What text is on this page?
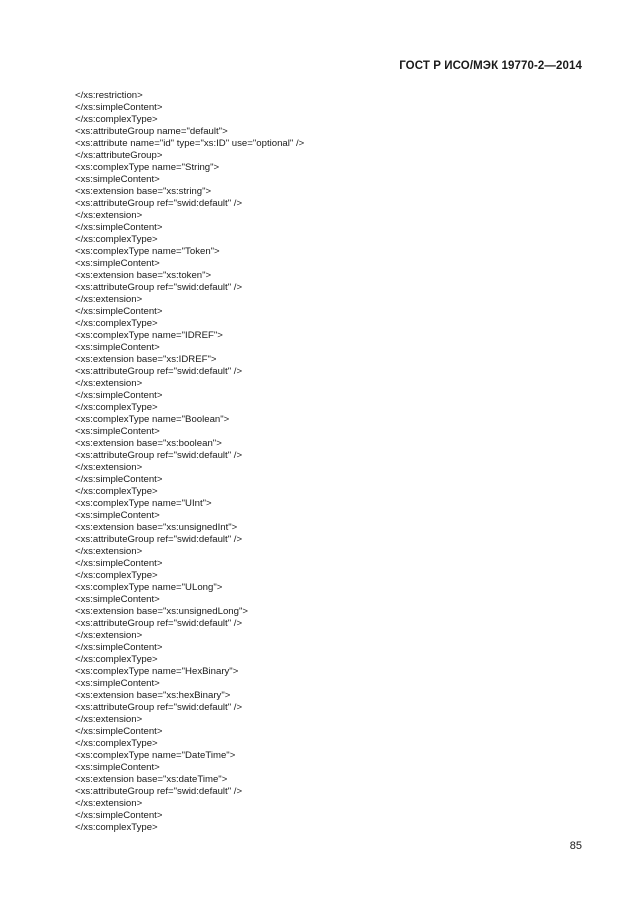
ГОСТ Р ИСО/МЭК 19770-2—2014
</xs:restriction>
</xs:simpleContent>
</xs:complexType>
<xs:attributeGroup name="default">
<xs:attribute name="id" type="xs:ID" use="optional" />
</xs:attributeGroup>
<xs:complexType name="String">
<xs:simpleContent>
<xs:extension base="xs:string">
<xs:attributeGroup ref="swid:default" />
</xs:extension>
</xs:simpleContent>
</xs:complexType>
<xs:complexType name="Token">
<xs:simpleContent>
<xs:extension base="xs:token">
<xs:attributeGroup ref="swid:default" />
</xs:extension>
</xs:simpleContent>
</xs:complexType>
<xs:complexType name="IDREF">
<xs:simpleContent>
<xs:extension base="xs:IDREF">
<xs:attributeGroup ref="swid:default" />
</xs:extension>
</xs:simpleContent>
</xs:complexType>
<xs:complexType name="Boolean">
<xs:simpleContent>
<xs:extension base="xs:boolean">
<xs:attributeGroup ref="swid:default" />
</xs:extension>
</xs:simpleContent>
</xs:complexType>
<xs:complexType name="UInt">
<xs:simpleContent>
<xs:extension base="xs:unsignedInt">
<xs:attributeGroup ref="swid:default" />
</xs:extension>
</xs:simpleContent>
</xs:complexType>
<xs:complexType name="ULong">
<xs:simpleContent>
<xs:extension base="xs:unsignedLong">
<xs:attributeGroup ref="swid:default" />
</xs:extension>
</xs:simpleContent>
</xs:complexType>
<xs:complexType name="HexBinary">
<xs:simpleContent>
<xs:extension base="xs:hexBinary">
<xs:attributeGroup ref="swid:default" />
</xs:extension>
</xs:simpleContent>
</xs:complexType>
<xs:complexType name="DateTime">
<xs:simpleContent>
<xs:extension base="xs:dateTime">
<xs:attributeGroup ref="swid:default" />
</xs:extension>
</xs:simpleContent>
</xs:complexType>
85
